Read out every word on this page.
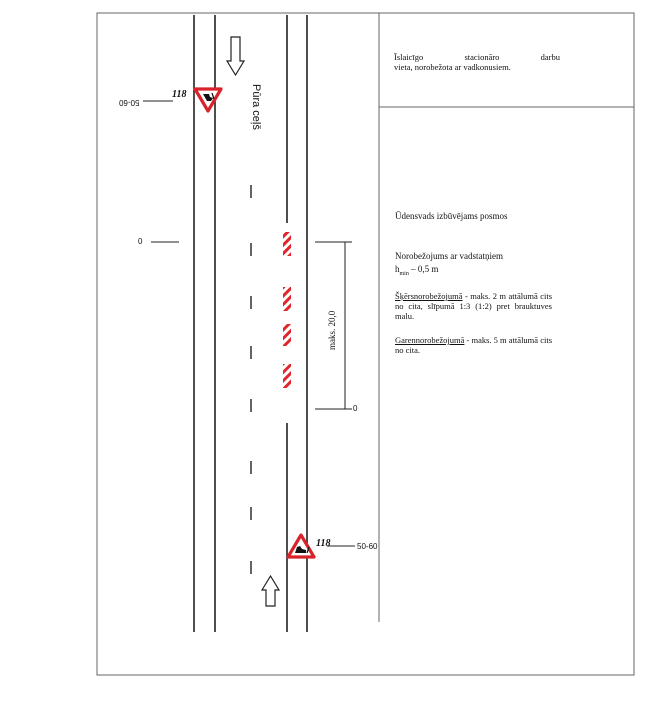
Pūra ceļš
118
118
50-60
50-60
0
0
maks. 20,0
Īslaicīgo stacionāro darbu
vieta, norobežota ar vadkonusiem.
Ūdensvads izbūvējams posmos
Norobežojums ar vadstatņiem
$h_{min} - 0,5$ m
Šķērsnorobežojumā - maks. 2 m attālumā cits no cita, slīpumā 1:3 (1:2) pret brauktuves malu.
Garennorobežojumā - maks. 5 m attālumā cits no cita.
